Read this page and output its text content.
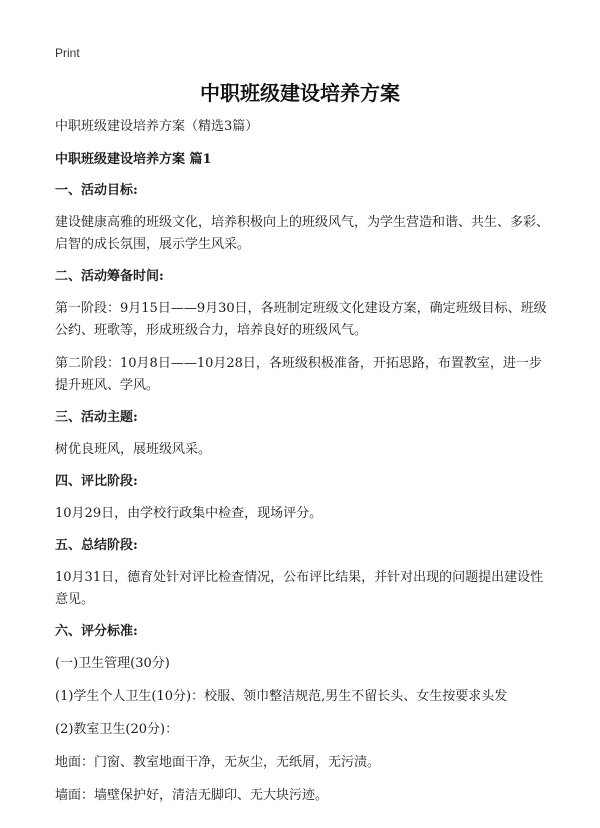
Print
中职班级建设培养方案
中职班级建设培养方案（精选3篇）
中职班级建设培养方案 篇1
一、活动目标:
建设健康高雅的班级文化，培养积极向上的班级风气，为学生营造和谐、共生、多彩、启智的成长氛围，展示学生风采。
二、活动筹备时间:
第一阶段：9月15日——9月30日，各班制定班级文化建设方案，确定班级目标、班级公约、班歌等，形成班级合力，培养良好的班级风气。
第二阶段：10月8日——10月28日，各班级积极准备，开拓思路，布置教室，进一步提升班风、学风。
三、活动主题:
树优良班风，展班级风采。
四、评比阶段:
10月29日，由学校行政集中检查，现场评分。
五、总结阶段:
10月31日，德育处针对评比检查情况，公布评比结果，并针对出现的问题提出建设性意见。
六、评分标准:
(一)卫生管理(30分)
(1)学生个人卫生(10分)：校服、领巾整洁规范,男生不留长头、女生按要求头发
(2)教室卫生(20分)：
地面：门窗、教室地面干净，无灰尘，无纸屑，无污渍。
墙面：墙壁保护好，清洁无脚印、无大块污迹。
